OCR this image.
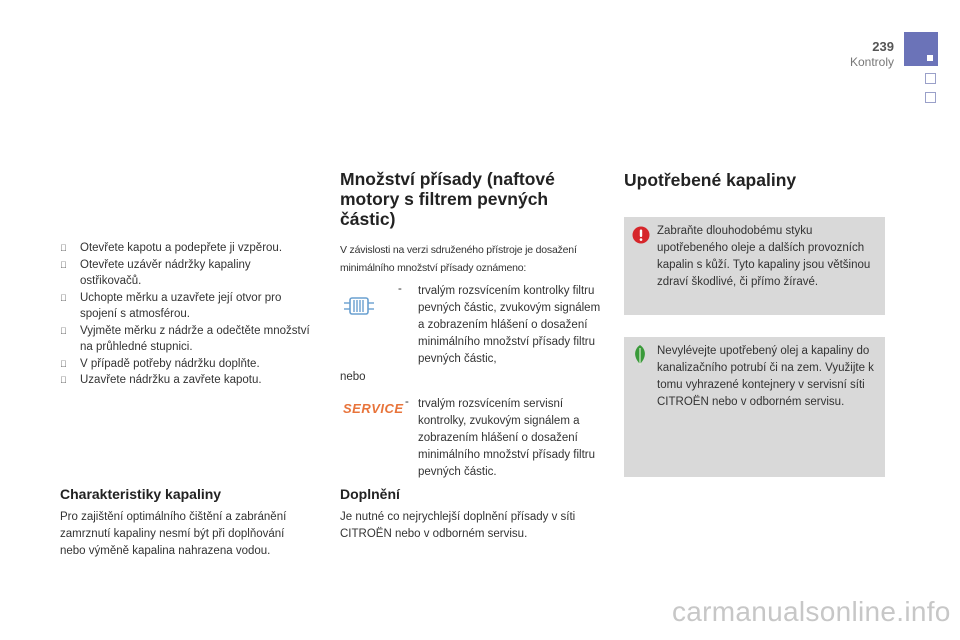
239
Kontroly
Otevřete kapotu a podepřete ji vzpěrou.
Otevřete uzávěr nádržky kapaliny ostřikovačů.
Uchopte měrku a uzavřete její otvor pro spojení s atmosférou.
Vyjměte měrku z nádrže a odečtěte množství na průhledné stupnici.
V případě potřeby nádržku doplňte.
Uzavřete nádržku a zavřete kapotu.
Charakteristiky kapaliny
Pro zajištění optimálního čištění a zabránění zamrznutí kapaliny nesmí být při doplňování nebo výměně kapalina nahrazena vodou.
Množství přísady (naftové motory s filtrem pevných částic)
V závislosti na verzi sdruženého přístroje je dosažení minimálního množství přísady oznámeno:
- trvalým rozsvícením kontrolky filtru pevných částic, zvukovým signálem a zobrazením hlášení o dosažení minimálního množství přísady filtru pevných částic,
nebo
SERVICE - trvalým rozsvícením servisní kontrolky, zvukovým signálem a zobrazením hlášení o dosažení minimálního množství přísady filtru pevných částic.
Doplnění
Je nutné co nejrychlejší doplnění přísady v síti CITROËN nebo v odborném servisu.
Upotřebené kapaliny
Zabraňte dlouhodobému styku upotřebeného oleje a dalších provozních kapalin s kůží. Tyto kapaliny jsou většinou zdraví škodlivé, či přímo žíravé.
Nevylévejte upotřebený olej a kapaliny do kanalizačního potrubí či na zem. Využijte k tomu vyhrazené kontejnery v servisní síti CITROËN nebo v odborném servisu.
carmanualsonline.info
